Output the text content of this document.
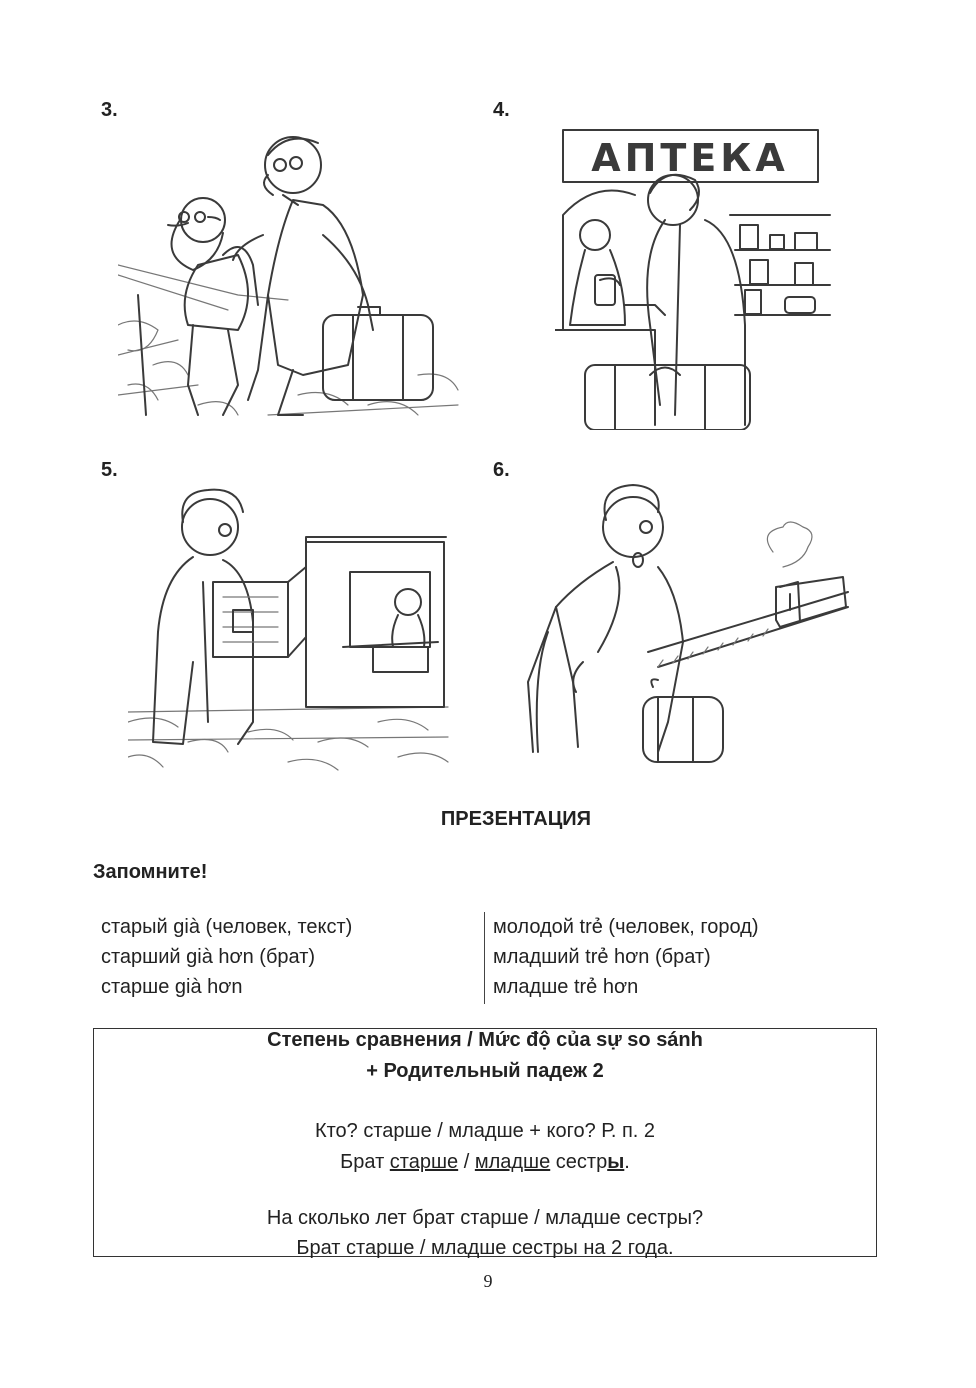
3.	4.
АПТЕКА
5.	6.
ПРЕЗЕНТАЦИЯ
Запомните!
старый già (человек, текст)
старший già hơn (брат)
старше già hơn
молодой trẻ (человек, город)
младший trẻ hơn (брат)
младше trẻ hơn
Степень сравнения / Mức độ của sự so sánh
+ Родительный падеж 2
Кто? старше / младше + кого? Р. п. 2
Брат старше / младше сестры.
На сколько лет брат старше / младше сестры?
Брат старше / младше сестры на 2 года.
9
